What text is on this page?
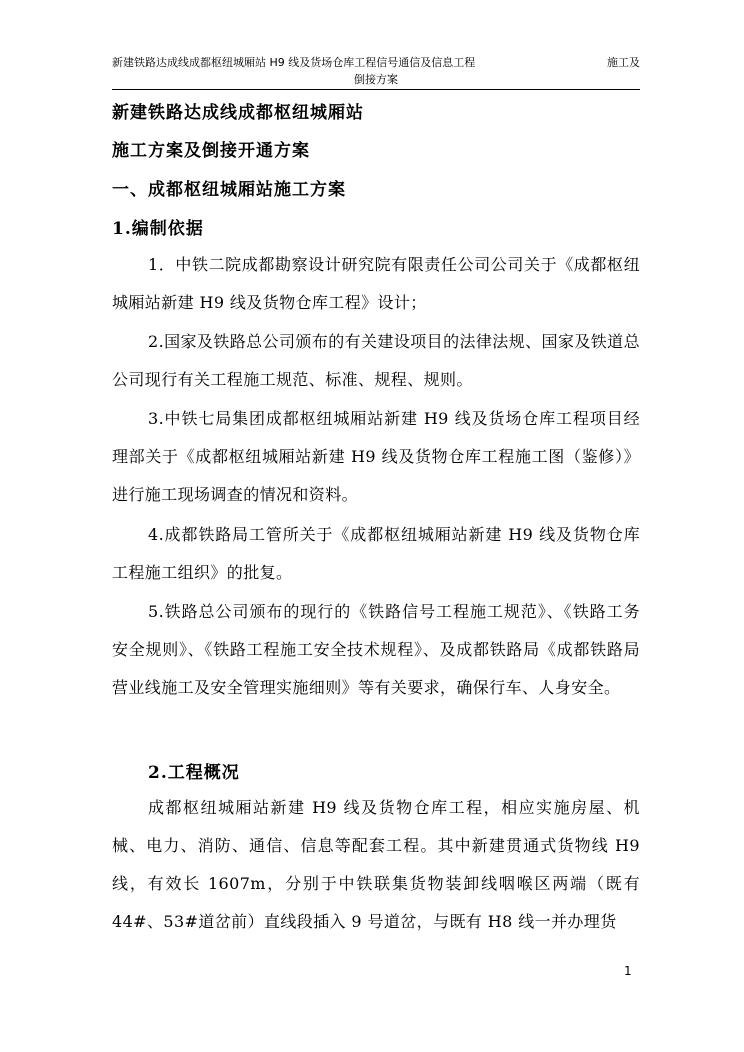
新建铁路达成线成都枢纽城厢站 H9 线及货场仓库工程信号通信及信息工程	施工及
倒接方案
新建铁路达成线成都枢纽城厢站
施工方案及倒接开通方案
一、成都枢纽城厢站施工方案
1.编制依据
1．中铁二院成都勘察设计研究院有限责任公司公司关于《成都枢纽城厢站新建 H9 线及货物仓库工程》设计；
2.国家及铁路总公司颁布的有关建设项目的法律法规、国家及铁道总公司现行有关工程施工规范、标准、规程、规则。
3.中铁七局集团成都枢纽城厢站新建 H9 线及货场仓库工程项目经理部关于《成都枢纽城厢站新建 H9 线及货物仓库工程施工图（鉴修）》进行施工现场调查的情况和资料。
4.成都铁路局工管所关于《成都枢纽城厢站新建 H9 线及货物仓库工程施工组织》的批复。
5.铁路总公司颁布的现行的《铁路信号工程施工规范》、《铁路工务安全规则》、《铁路工程施工安全技术规程》、及成都铁路局《成都铁路局营业线施工及安全管理实施细则》等有关要求，确保行车、人身安全。
2.工程概况
成都枢纽城厢站新建 H9 线及货物仓库工程，相应实施房屋、机械、电力、消防、通信、信息等配套工程。其中新建贯通式货物线 H9 线，有效长 1607m，分别于中铁联集货物装卸线咽喉区两端（既有 44#、53#道岔前）直线段插入 9 号道岔，与既有 H8 线一并办理货
1
